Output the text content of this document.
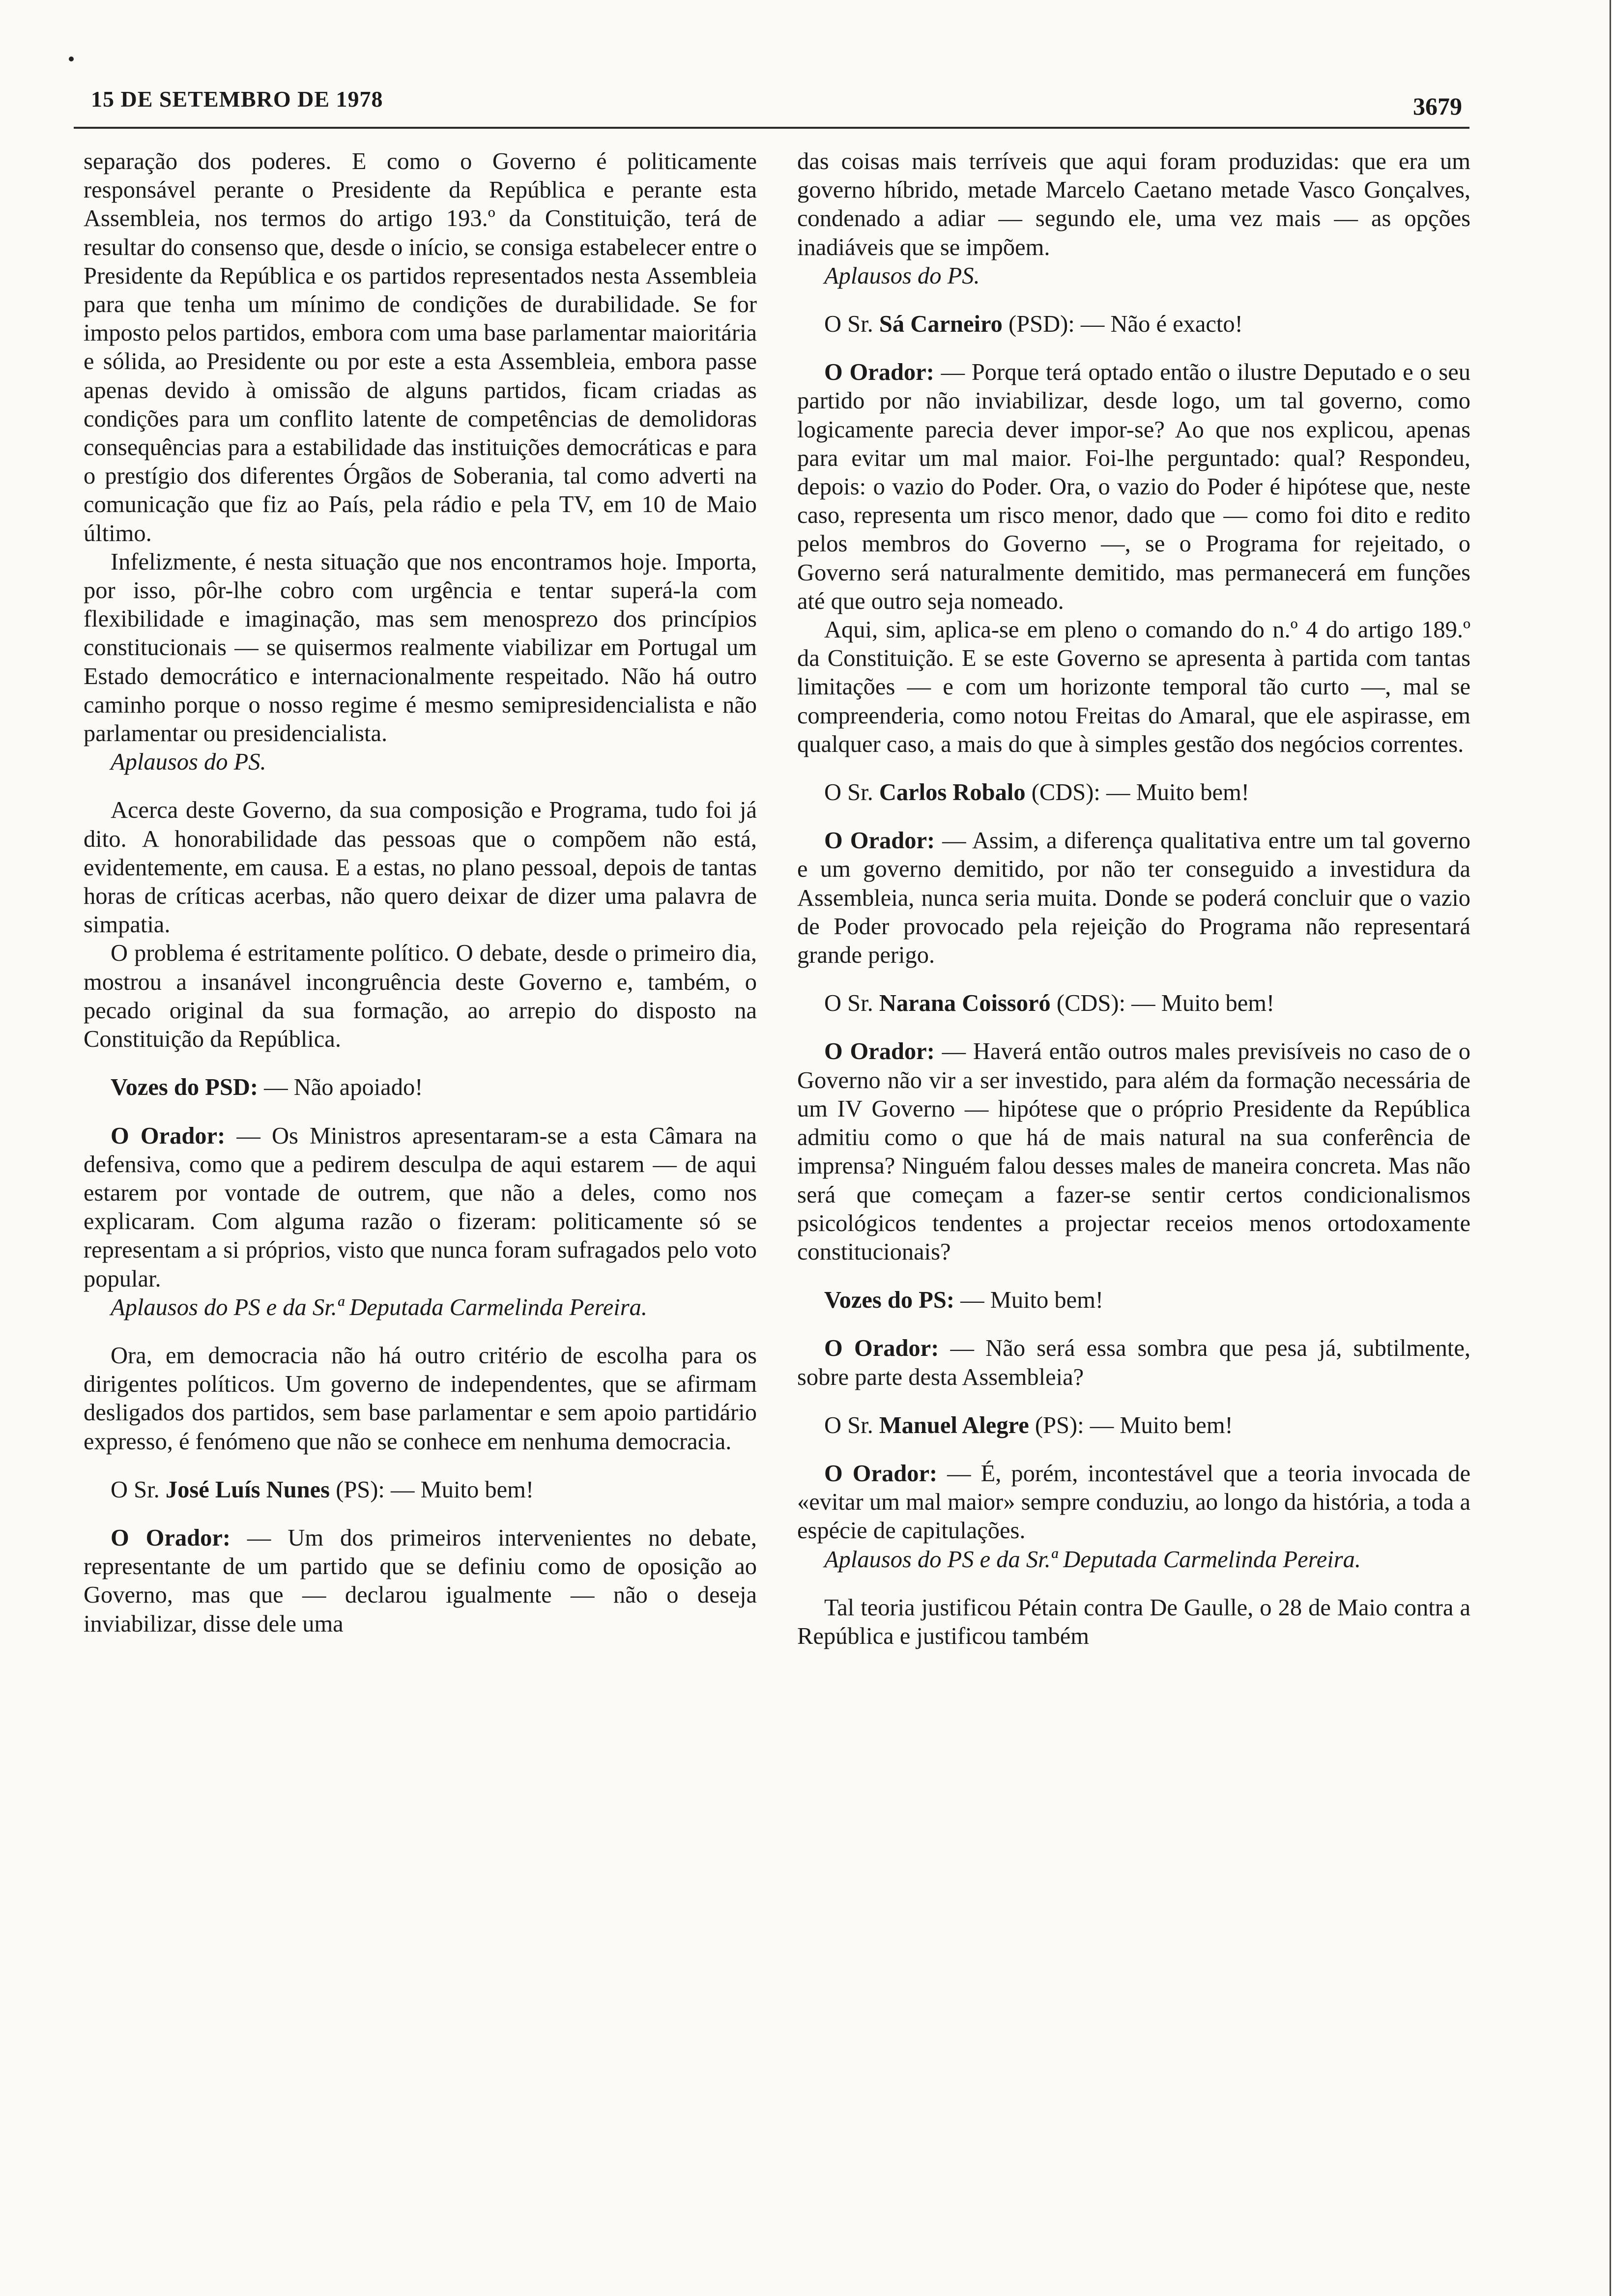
15 DE SETEMBRO DE 1978	3679

separação dos poderes. E como o Governo é politicamente responsável perante o Presidente da República e perante esta Assembleia, nos termos do artigo 193.º da Constituição, terá de resultar do consenso que, desde o início, se consiga estabelecer entre o Presidente da República e os partidos representados nesta Assembleia para que tenha um mínimo de condições de durabilidade. Se for imposto pelos partidos, embora com uma base parlamentar maioritária e sólida, ao Presidente ou por este a esta Assembleia, embora passe apenas devido à omissão de alguns partidos, ficam criadas as condições para um conflito latente de competências de demolidoras consequências para a estabilidade das instituições democráticas e para o prestígio dos diferentes Órgãos de Soberania, tal como adverti na comunicação que fiz ao País, pela rádio e pela TV, em 10 de Maio último.

Infelizmente, é nesta situação que nos encontramos hoje. Importa, por isso, pôr-lhe cobro com urgência e tentar superá-la com flexibilidade e imaginação, mas sem menosprezo dos princípios constitucionais — se quisermos realmente viabilizar em Portugal um Estado democrático e internacionalmente respeitado. Não há outro caminho porque o nosso regime é mesmo semipresidencialista e não parlamentar ou presidencialista.

Aplausos do PS.

Acerca deste Governo, da sua composição e Programa, tudo foi já dito. A honorabilidade das pessoas que o compõem não está, evidentemente, em causa. E a estas, no plano pessoal, depois de tantas horas de críticas acerbas, não quero deixar de dizer uma palavra de simpatia.

O problema é estritamente político. O debate, desde o primeiro dia, mostrou a insanável incongruência deste Governo e, também, o pecado original da sua formação, ao arrepio do disposto na Constituição da República.

Vozes do PSD: — Não apoiado!

O Orador: — Os Ministros apresentaram-se a esta Câmara na defensiva, como que a pedirem desculpa de aqui estarem — de aqui estarem por vontade de outrem, que não a deles, como nos explicaram. Com alguma razão o fizeram: politicamente só se representam a si próprios, visto que nunca foram sufragados pelo voto popular.

Aplausos do PS e da Sr.ª Deputada Carmelinda Pereira.

Ora, em democracia não há outro critério de escolha para os dirigentes políticos. Um governo de independentes, que se afirmam desligados dos partidos, sem base parlamentar e sem apoio partidário expresso, é fenómeno que não se conhece em nenhuma democracia.

O Sr. José Luís Nunes (PS): — Muito bem!

O Orador: — Um dos primeiros intervenientes no debate, representante de um partido que se definiu como de oposição ao Governo, mas que — declarou igualmente — não o deseja inviabilizar, disse dele uma

das coisas mais terríveis que aqui foram produzidas: que era um governo híbrido, metade Marcelo Caetano metade Vasco Gonçalves, condenado a adiar — segundo ele, uma vez mais — as opções inadiáveis que se impõem.

Aplausos do PS.

O Sr. Sá Carneiro (PSD): — Não é exacto!

O Orador: — Porque terá optado então o ilustre Deputado e o seu partido por não inviabilizar, desde logo, um tal governo, como logicamente parecia dever impor-se? Ao que nos explicou, apenas para evitar um mal maior. Foi-lhe perguntado: qual? Respondeu, depois: o vazio do Poder. Ora, o vazio do Poder é hipótese que, neste caso, representa um risco menor, dado que — como foi dito e redito pelos membros do Governo —, se o Programa for rejeitado, o Governo será naturalmente demitido, mas permanecerá em funções até que outro seja nomeado.

Aqui, sim, aplica-se em pleno o comando do n.º 4 do artigo 189.º da Constituição. E se este Governo se apresenta à partida com tantas limitações — e com um horizonte temporal tão curto —, mal se compreenderia, como notou Freitas do Amaral, que ele aspirasse, em qualquer caso, a mais do que à simples gestão dos negócios correntes.

O Sr. Carlos Robalo (CDS): — Muito bem!

O Orador: — Assim, a diferença qualitativa entre um tal governo e um governo demitido, por não ter conseguido a investidura da Assembleia, nunca seria muita. Donde se poderá concluir que o vazio de Poder provocado pela rejeição do Programa não representará grande perigo.

O Sr. Narana Coissoró (CDS): — Muito bem!

O Orador: — Haverá então outros males previsíveis no caso de o Governo não vir a ser investido, para além da formação necessária de um IV Governo — hipótese que o próprio Presidente da República admitiu como o que há de mais natural na sua conferência de imprensa? Ninguém falou desses males de maneira concreta. Mas não será que começam a fazer-se sentir certos condicionalismos psicológicos tendentes a projectar receios menos ortodoxamente constitucionais?

Vozes do PS: — Muito bem!

O Orador: — Não será essa sombra que pesa já, subtilmente, sobre parte desta Assembleia?

O Sr. Manuel Alegre (PS): — Muito bem!

O Orador: — É, porém, incontestável que a teoria invocada de «evitar um mal maior» sempre conduziu, ao longo da história, a toda a espécie de capitulações.

Aplausos do PS e da Sr.ª Deputada Carmelinda Pereira.

Tal teoria justificou Pétain contra De Gaulle, o 28 de Maio contra a República e justificou também
